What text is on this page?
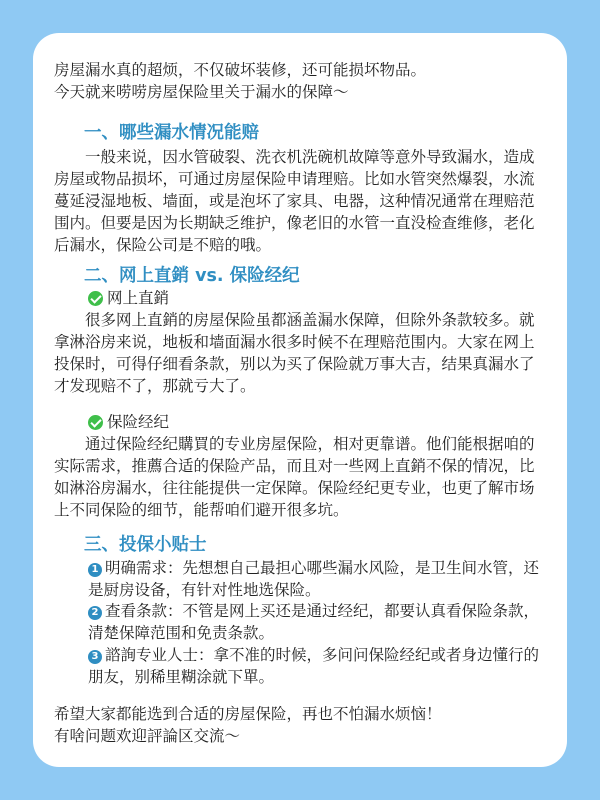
房屋漏水真的超烦，不仅破坏装修，还可能损坏物品。

今天就来唠唠房屋保险里关于漏水的保障～

一、哪些漏水情况能赔

一般来说，因水管破裂、洗衣机洗碗机故障等意外导致漏水，造成房屋或物品损坏，可通过房屋保险申请理赔。比如水管突然爆裂，水流蔓延浸湿地板、墙面，或是泡坏了家具、电器，这种情况通常在理赔范围内。但要是因为长期缺乏维护，像老旧的水管一直没检查维修，老化后漏水，保险公司是不赔的哦。

二、网上直銷 vs. 保险经纪
网上直銷

很多网上直銷的房屋保险虽都涵盖漏水保障，但除外条款较多。就拿淋浴房来说，地板和墙面漏水很多时候不在理赔范围内。大家在网上投保时，可得仔细看条款，别以为买了保险就万事大吉，结果真漏水了才发现赔不了，那就亏大了。

保险经纪

通过保险经纪購買的专业房屋保险，相对更靠谱。他们能根据咱的实际需求，推薦合适的保险产品，而且对一些网上直銷不保的情况，比如淋浴房漏水，往往能提供一定保障。保险经纪更专业，也更了解市场上不同保险的细节，能帮咱们避开很多坑。

三、投保小贴士

1 明确需求：先想想自己最担心哪些漏水风险，是卫生间水管，还是厨房设备，有针对性地选保险。

2 查看条款：不管是网上买还是通过经纪，都要认真看保险条款，清楚保障范围和免责条款。

3 諮詢专业人士：拿不准的时候，多问问保险经纪或者身边懂行的朋友，别稀里糊涂就下單。

希望大家都能选到合适的房屋保险，再也不怕漏水烦恼！

有啥问题欢迎評論区交流～
